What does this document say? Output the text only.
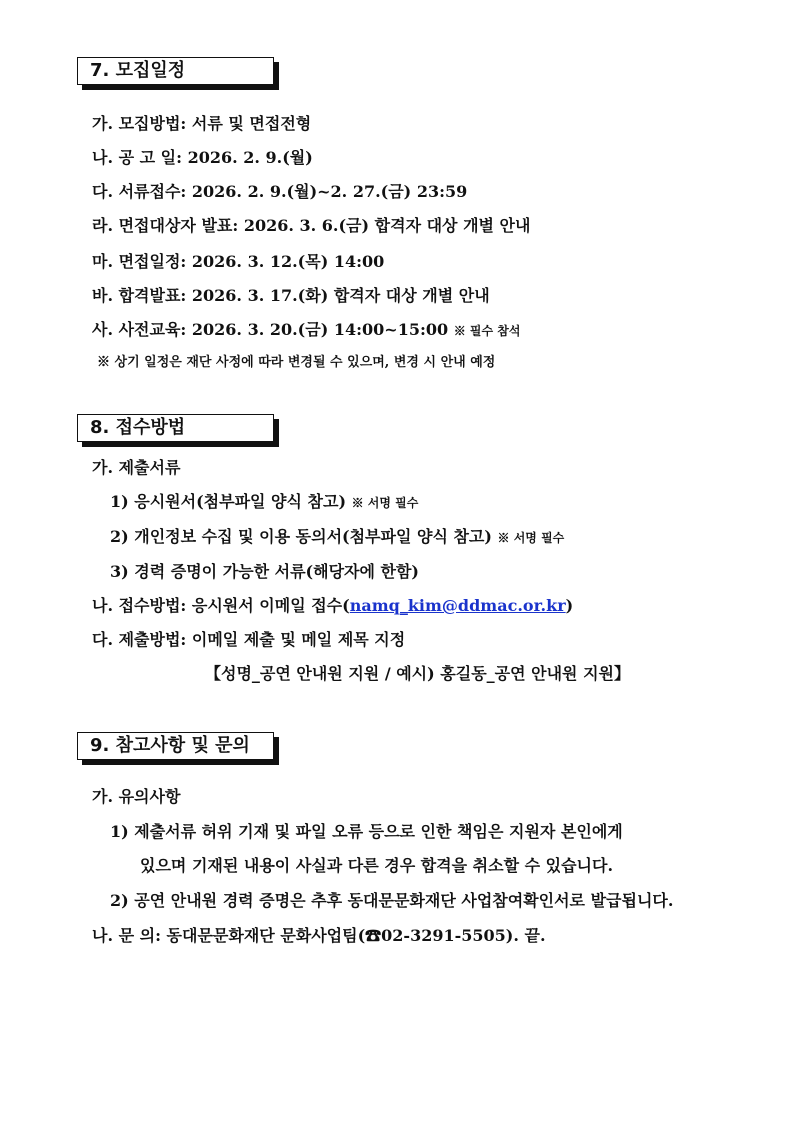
7. 모집일정
가. 모집방법: 서류 및 면접전형
나. 공 고 일: 2026. 2. 9.(월)
다. 서류접수: 2026. 2. 9.(월)~2. 27.(금) 23:59
라. 면접대상자 발표: 2026. 3. 6.(금) 합격자 대상 개별 안내
마. 면접일정: 2026. 3. 12.(목) 14:00
바. 합격발표: 2026. 3. 17.(화) 합격자 대상 개별 안내
사. 사전교육: 2026. 3. 20.(금) 14:00~15:00 ※ 필수 참석
※ 상기 일정은 재단 사정에 따라 변경될 수 있으며, 변경 시 안내 예정
8. 접수방법
가. 제출서류
1) 응시원서(첨부파일 양식 참고) ※ 서명 필수
2) 개인정보 수집 및 이용 동의서(첨부파일 양식 참고) ※ 서명 필수
3) 경력 증명이 가능한 서류(해당자에 한함)
나. 접수방법: 응시원서 이메일 접수(namq_kim@ddmac.or.kr)
다. 제출방법: 이메일 제출 및 메일 제목 지정
【성명_공연 안내원 지원 / 예시) 홍길동_공연 안내원 지원】
9. 참고사항 및 문의
가. 유의사항
1) 제출서류 허위 기재 및 파일 오류 등으로 인한 책임은 지원자 본인에게
있으며 기재된 내용이 사실과 다른 경우 합격을 취소할 수 있습니다.
2) 공연 안내원 경력 증명은 추후 동대문문화재단 사업참여확인서로 발급됩니다.
나. 문 의: 동대문문화재단 문화사업팀(☎02-3291-5505). 끝.
